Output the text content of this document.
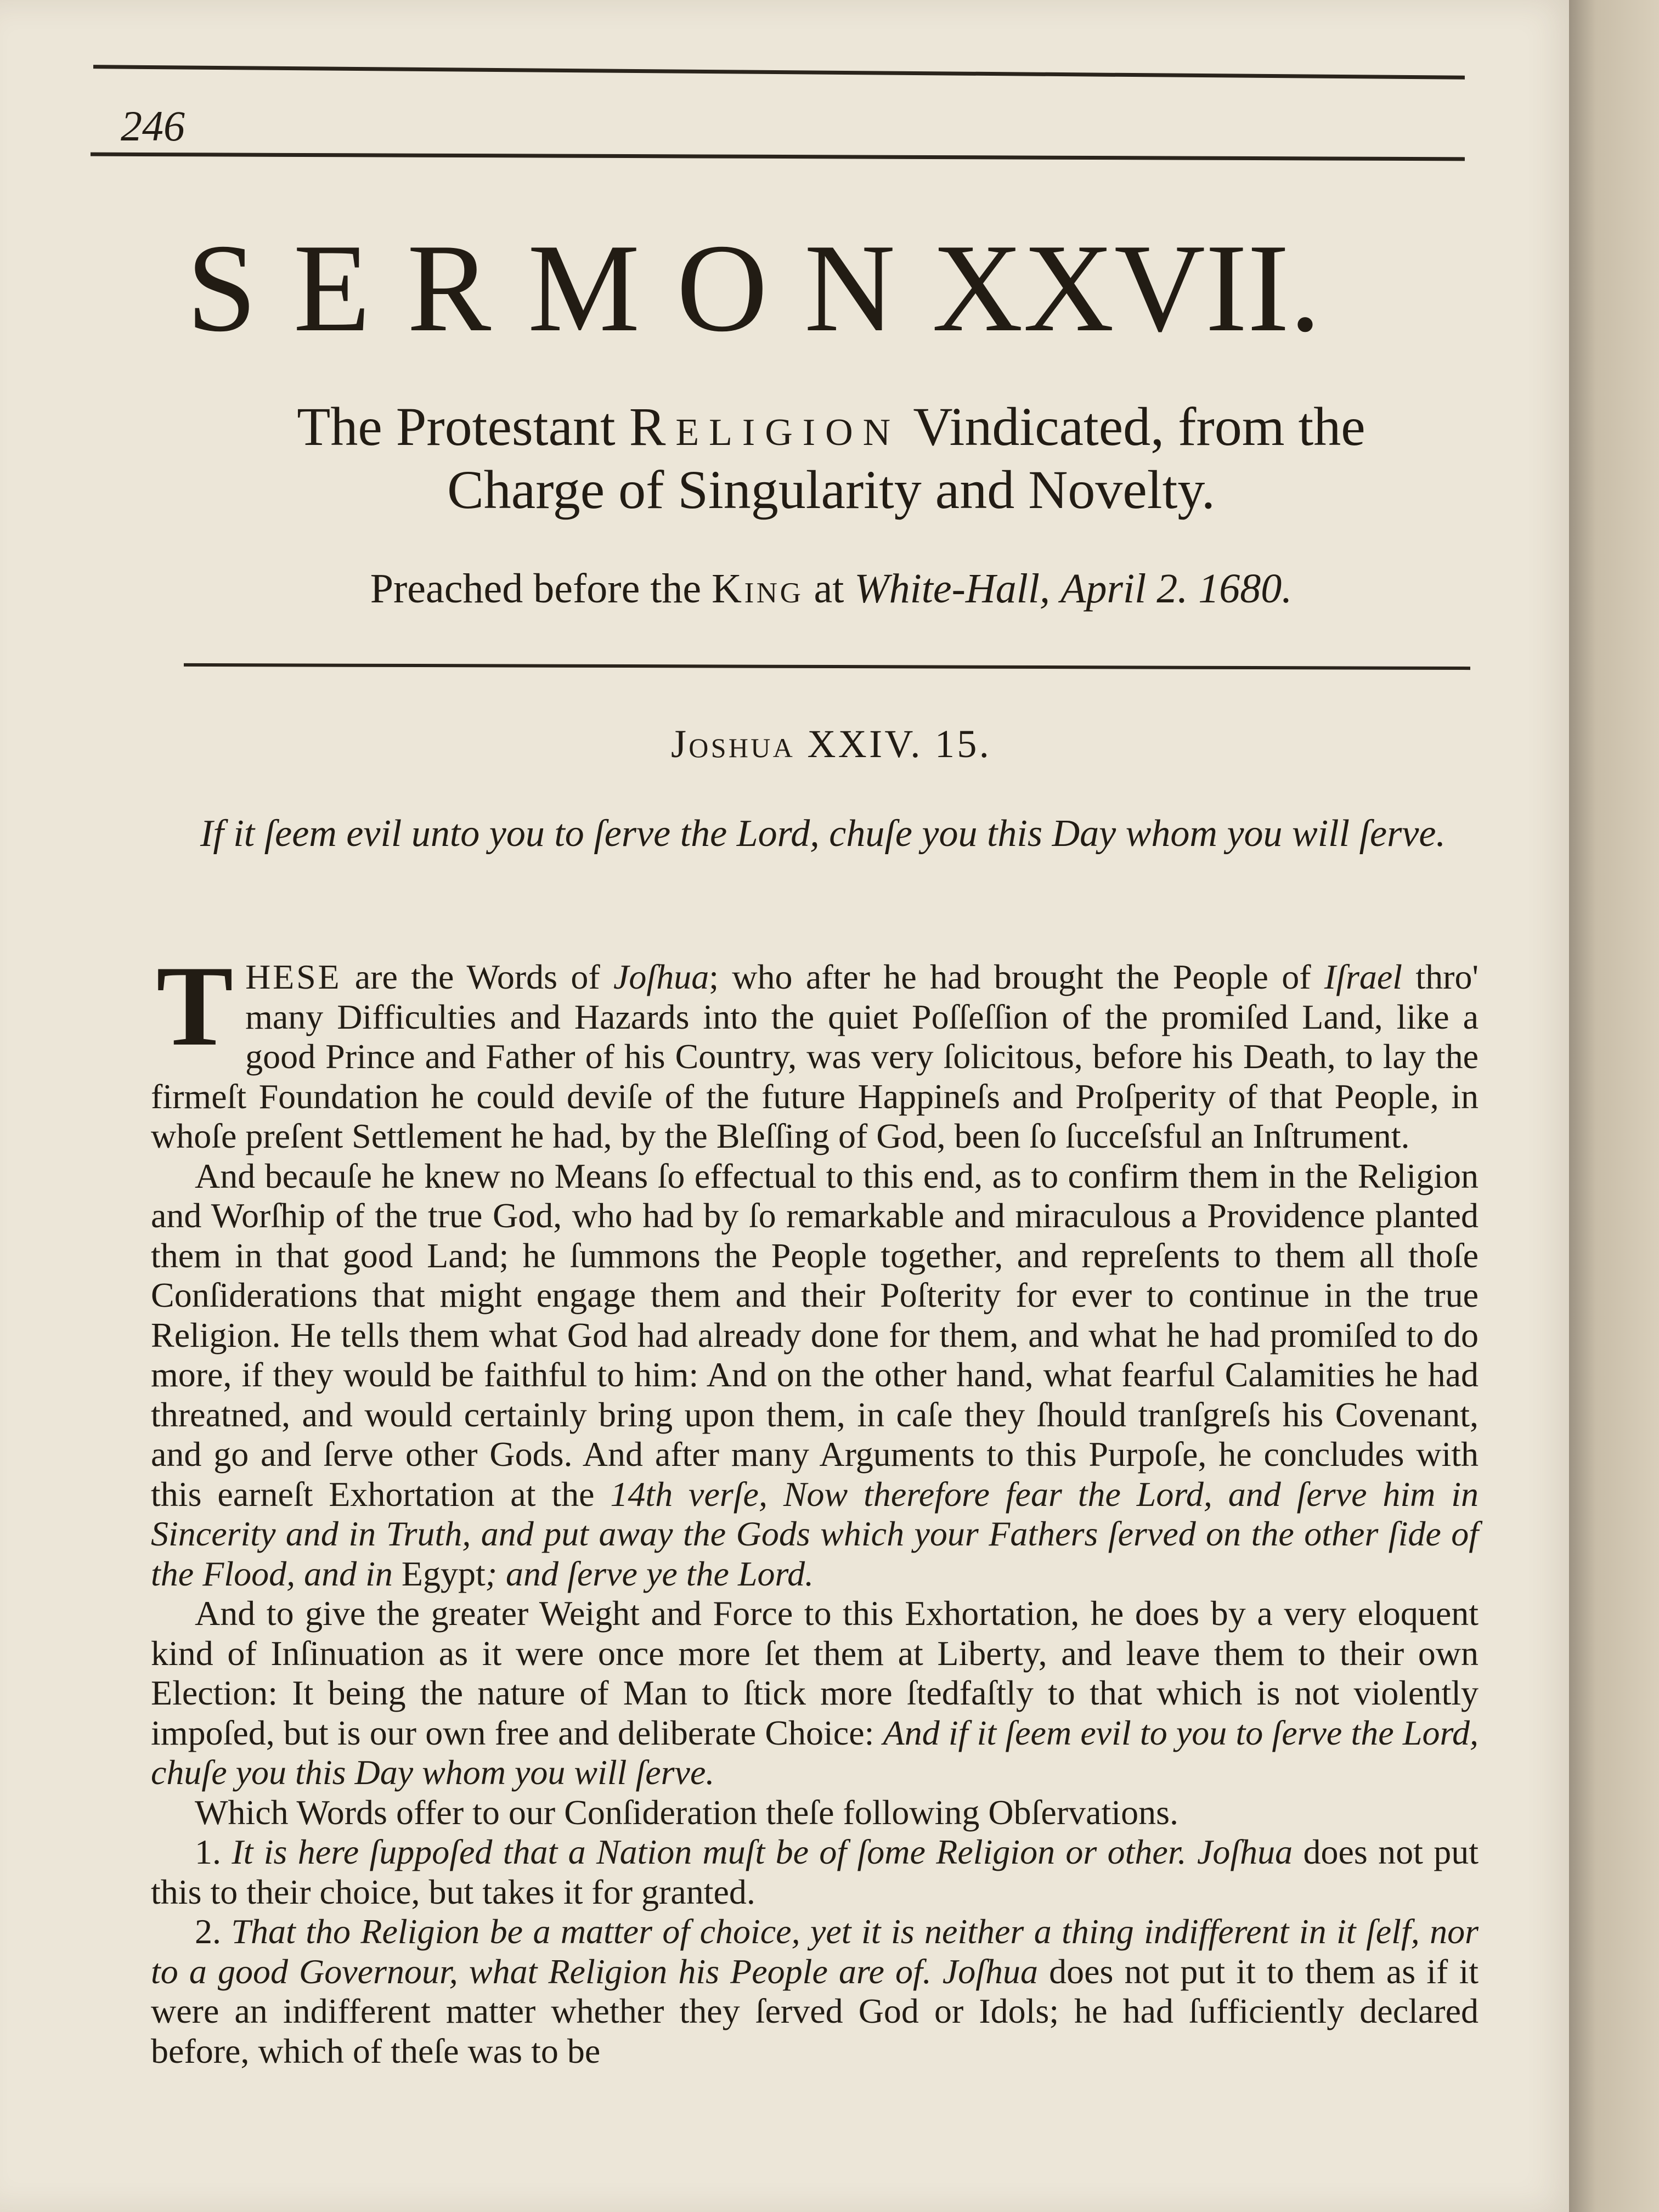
246
SERMONXXVII.
The Protestant Religion Vindicated, from the
Charge of Singularity and Novelty.
Preached before the King at White-Hall, April 2. 1680.
Joshua XXIV. 15.
If it ſeem evil unto you to ſerve the Lord, chuſe you this Day whom you will ſerve.

THESE are the Words of Joſhua; who after he had brought the People of Iſrael thro' many Difficulties and Hazards into the quiet Poſſeſſion of the promiſed Land, like a good Prince and Father of his Country, was very ſolicitous, before his Death, to lay the firmeſt Foundation he could deviſe of the future Happineſs and Proſperity of that People, in whoſe preſent Settlement he had, by the Bleſſing of God, been ſo ſucceſsful an Inſtrument.

And becauſe he knew no Means ſo effectual to this end, as to confirm them in the Religion and Worſhip of the true God, who had by ſo remarkable and miraculous a Providence planted them in that good Land; he ſummons the People together, and repreſents to them all thoſe Conſiderations that might engage them and their Poſterity for ever to continue in the true Religion. He tells them what God had already done for them, and what he had promiſed to do more, if they would be faithful to him: And on the other hand, what fearful Calamities he had threatned, and would certainly bring upon them, in caſe they ſhould tranſgreſs his Covenant, and go and ſerve other Gods. And after many Arguments to this Purpoſe, he concludes with this earneſt Exhortation at the 14th verſe, Now therefore fear the Lord, and ſerve him in Sincerity and in Truth, and put away the Gods which your Fathers ſerved on the other ſide of the Flood, and in Egypt; and ſerve ye the Lord.

And to give the greater Weight and Force to this Exhortation, he does by a very eloquent kind of Inſinuation as it were once more ſet them at Liberty, and leave them to their own Election: It being the nature of Man to ſtick more ſtedfaſtly to that which is not violently impoſed, but is our own free and deliberate Choice: And if it ſeem evil to you to ſerve the Lord, chuſe you this Day whom you will ſerve.

Which Words offer to our Conſideration theſe following Obſervations.

1. It is here ſuppoſed that a Nation muſt be of ſome Religion or other. Joſhua does not put this to their choice, but takes it for granted.

2. That tho Religion be a matter of choice, yet it is neither a thing indifferent in it ſelf, nor to a good Governour, what Religion his People are of. Joſhua does not put it to them as if it were an indifferent matter whether they ſerved God or Idols; he had ſufficiently declared before, which of theſe was to be
